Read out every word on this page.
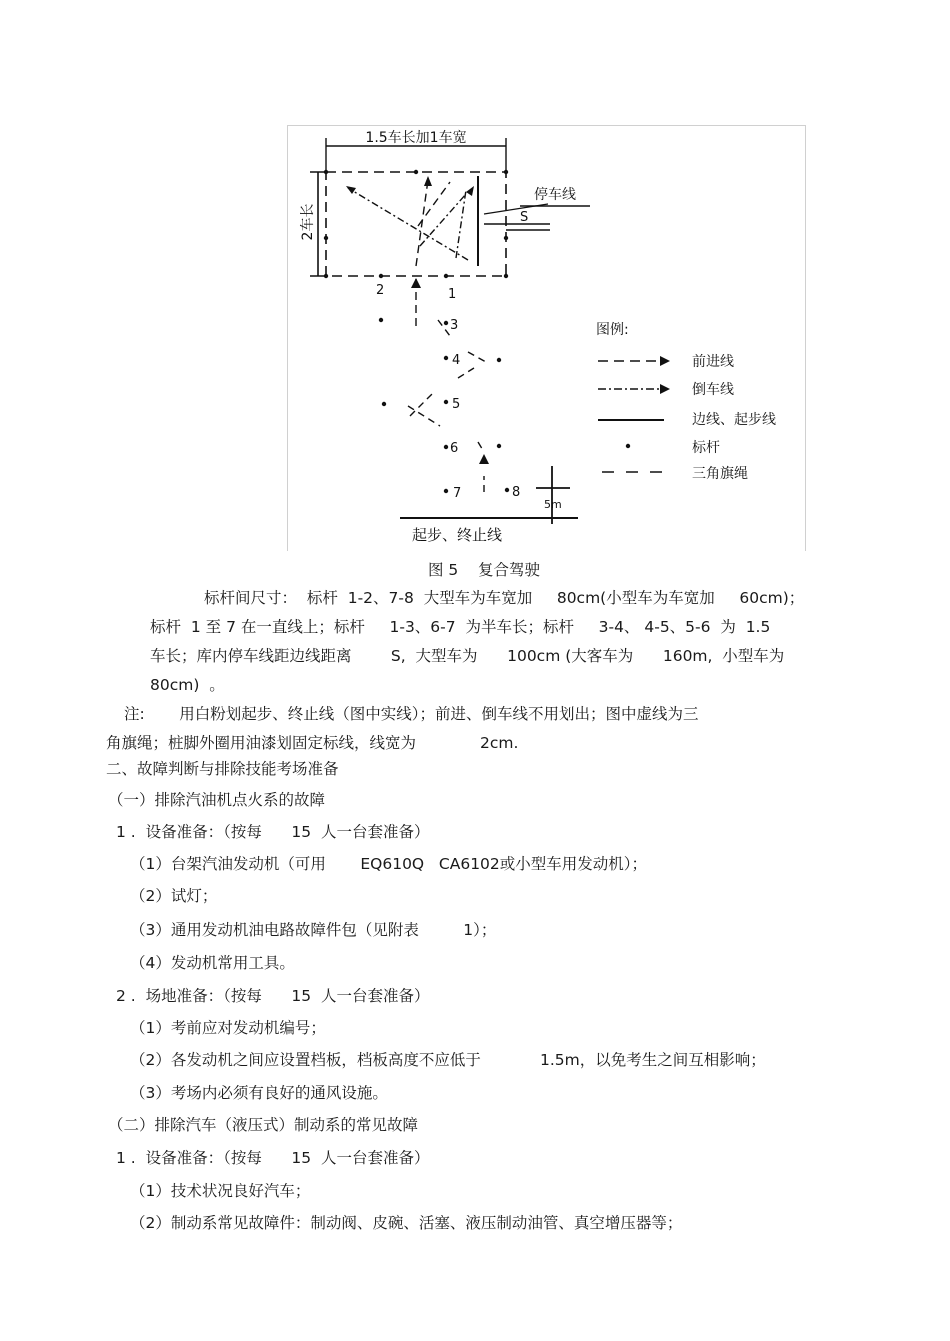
1.5车长加1车宽
2车长
停车线
S
1
2
3
4
5
6
7	8
5m
起步、终止线
图例:
前进线
倒车线
边线、起步线
标杆
三角旗绳
图 5    复合驾驶
标杆间尺寸：  标杆  1-2、7-8  大型车为车宽加     80cm(小型车为车宽加     60cm)；
标杆  1 至 7 在一直线上；标杆     1-3、6-7  为半车长；标杆     3-4、 4-5、5-6  为  1.5
车长；库内停车线距边线距离        S,  大型车为      100cm (大客车为      160m,  小型车为
80cm)  。
注:       用白粉划起步、终止线（图中实线）；前进、倒车线不用划出；图中虚线为三
角旗绳；桩脚外圈用油漆划固定标线，线宽为             2cm.
二、故障判断与排除技能考场准备
（一）排除汽油机点火系的故障
1 .  设备准备：（按每      15  人一台套准备）
（1）台架汽油发动机（可用       EQ610Q   CA6102或小型车用发动机）；
（2）试灯；
（3）通用发动机油电路故障件包（见附表         1）；
（4）发动机常用工具。
2 .  场地准备：（按每      15  人一台套准备）
（1）考前应对发动机编号；
（2）各发动机之间应设置档板，档板高度不应低于            1.5m，以免考生之间互相影响；
（3）考场内必须有良好的通风设施。
（二）排除汽车（液压式）制动系的常见故障
1 .  设备准备：（按每      15  人一台套准备）
（1）技术状况良好汽车；
（2）制动系常见故障件：制动阀、皮碗、活塞、液压制动油管、真空增压器等；
